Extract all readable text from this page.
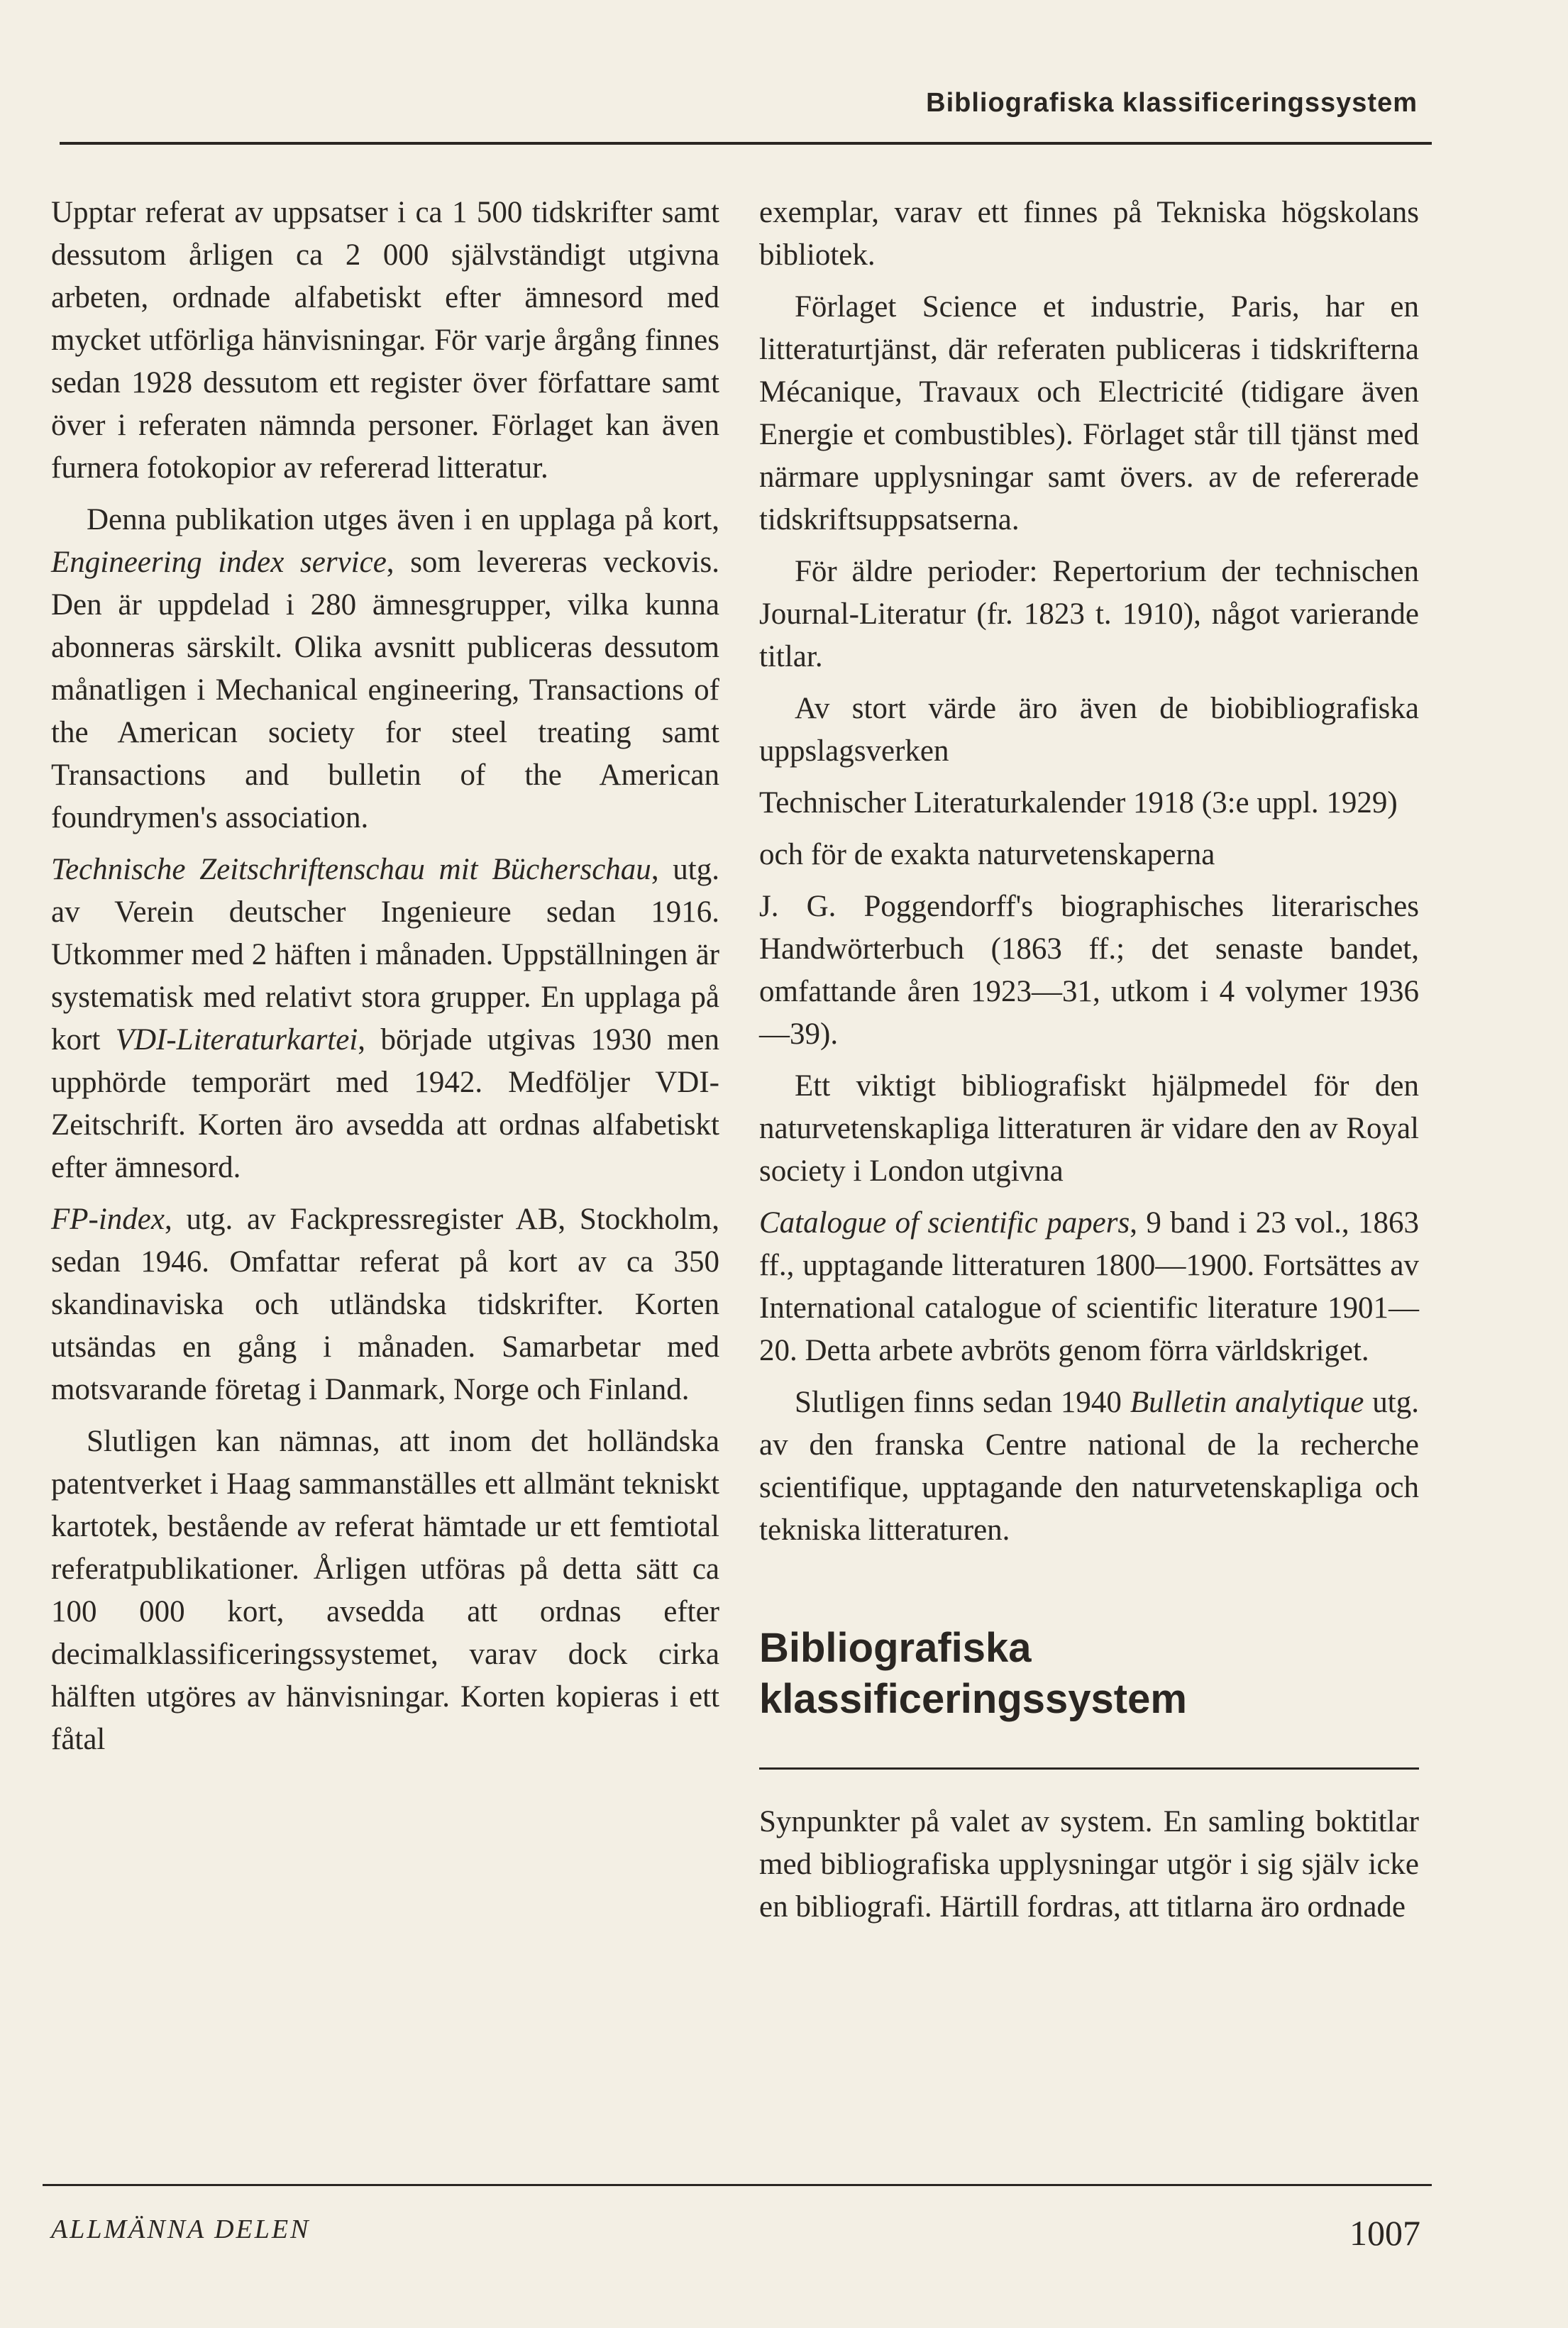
Bibliografiska klassificeringssystem

Upptar referat av uppsatser i ca 1 500 tidskrifter samt dessutom årligen ca 2 000 självständigt utgivna arbeten, ordnade alfabetiskt efter ämnesord med mycket utförliga hänvisningar. För varje årgång finnes sedan 1928 dessutom ett register över författare samt över i referaten nämnda personer. Förlaget kan även furnera fotokopior av refererad litteratur.

Denna publikation utges även i en upplaga på kort, Engineering index service, som levereras veckovis. Den är uppdelad i 280 ämnesgrupper, vilka kunna abonneras särskilt. Olika avsnitt publiceras dessutom månatligen i Mechanical engineering, Transactions of the American society for steel treating samt Transactions and bulletin of the American foundrymen's association.

Technische Zeitschriftenschau mit Bücherschau, utg. av Verein deutscher Ingenieure sedan 1916. Utkommer med 2 häften i månaden. Uppställningen är systematisk med relativt stora grupper. En upplaga på kort VDI-Literaturkartei, började utgivas 1930 men upphörde temporärt med 1942. Medföljer VDI-Zeitschrift. Korten äro avsedda att ordnas alfabetiskt efter ämnesord.

FP-index, utg. av Fackpressregister AB, Stockholm, sedan 1946. Omfattar referat på kort av ca 350 skandinaviska och utländska tidskrifter. Korten utsändas en gång i månaden. Samarbetar med motsvarande företag i Danmark, Norge och Finland.

Slutligen kan nämnas, att inom det holländska patentverket i Haag sammanställes ett allmänt tekniskt kartotek, bestående av referat hämtade ur ett femtiotal referatpublikationer. Årligen utföras på detta sätt ca 100 000 kort, avsedda att ordnas efter decimalklassificeringssystemet, varav dock cirka hälften utgöres av hänvisningar. Korten kopieras i ett fåtal

exemplar, varav ett finnes på Tekniska högskolans bibliotek.

Förlaget Science et industrie, Paris, har en litteraturtjänst, där referaten publiceras i tidskrifterna Mécanique, Travaux och Electricité (tidigare även Energie et combustibles). Förlaget står till tjänst med närmare upplysningar samt övers. av de refererade tidskriftsuppsatserna.

För äldre perioder: Repertorium der technischen Journal-Literatur (fr. 1823 t. 1910), något varierande titlar.

Av stort värde äro även de biobibliografiska uppslagsverken

Technischer Literaturkalender 1918 (3:e uppl. 1929)

och för de exakta naturvetenskaperna

J. G. Poggendorff's biographisches literarisches Handwörterbuch (1863 ff.; det senaste bandet, omfattande åren 1923—31, utkom i 4 volymer 1936—39).

Ett viktigt bibliografiskt hjälpmedel för den naturvetenskapliga litteraturen är vidare den av Royal society i London utgivna

Catalogue of scientific papers, 9 band i 23 vol., 1863 ff., upptagande litteraturen 1800—1900. Fortsättes av International catalogue of scientific literature 1901—20. Detta arbete avbröts genom förra världskriget.

Slutligen finns sedan 1940 Bulletin analytique utg. av den franska Centre national de la recherche scientifique, upptagande den naturvetenskapliga och tekniska litteraturen.

Bibliografiska klassificeringssystem

Synpunkter på valet av system. En samling boktitlar med bibliografiska upplysningar utgör i sig själv icke en bibliografi. Härtill fordras, att titlarna äro ordnade

ALLMÄNNA DELEN	1007
